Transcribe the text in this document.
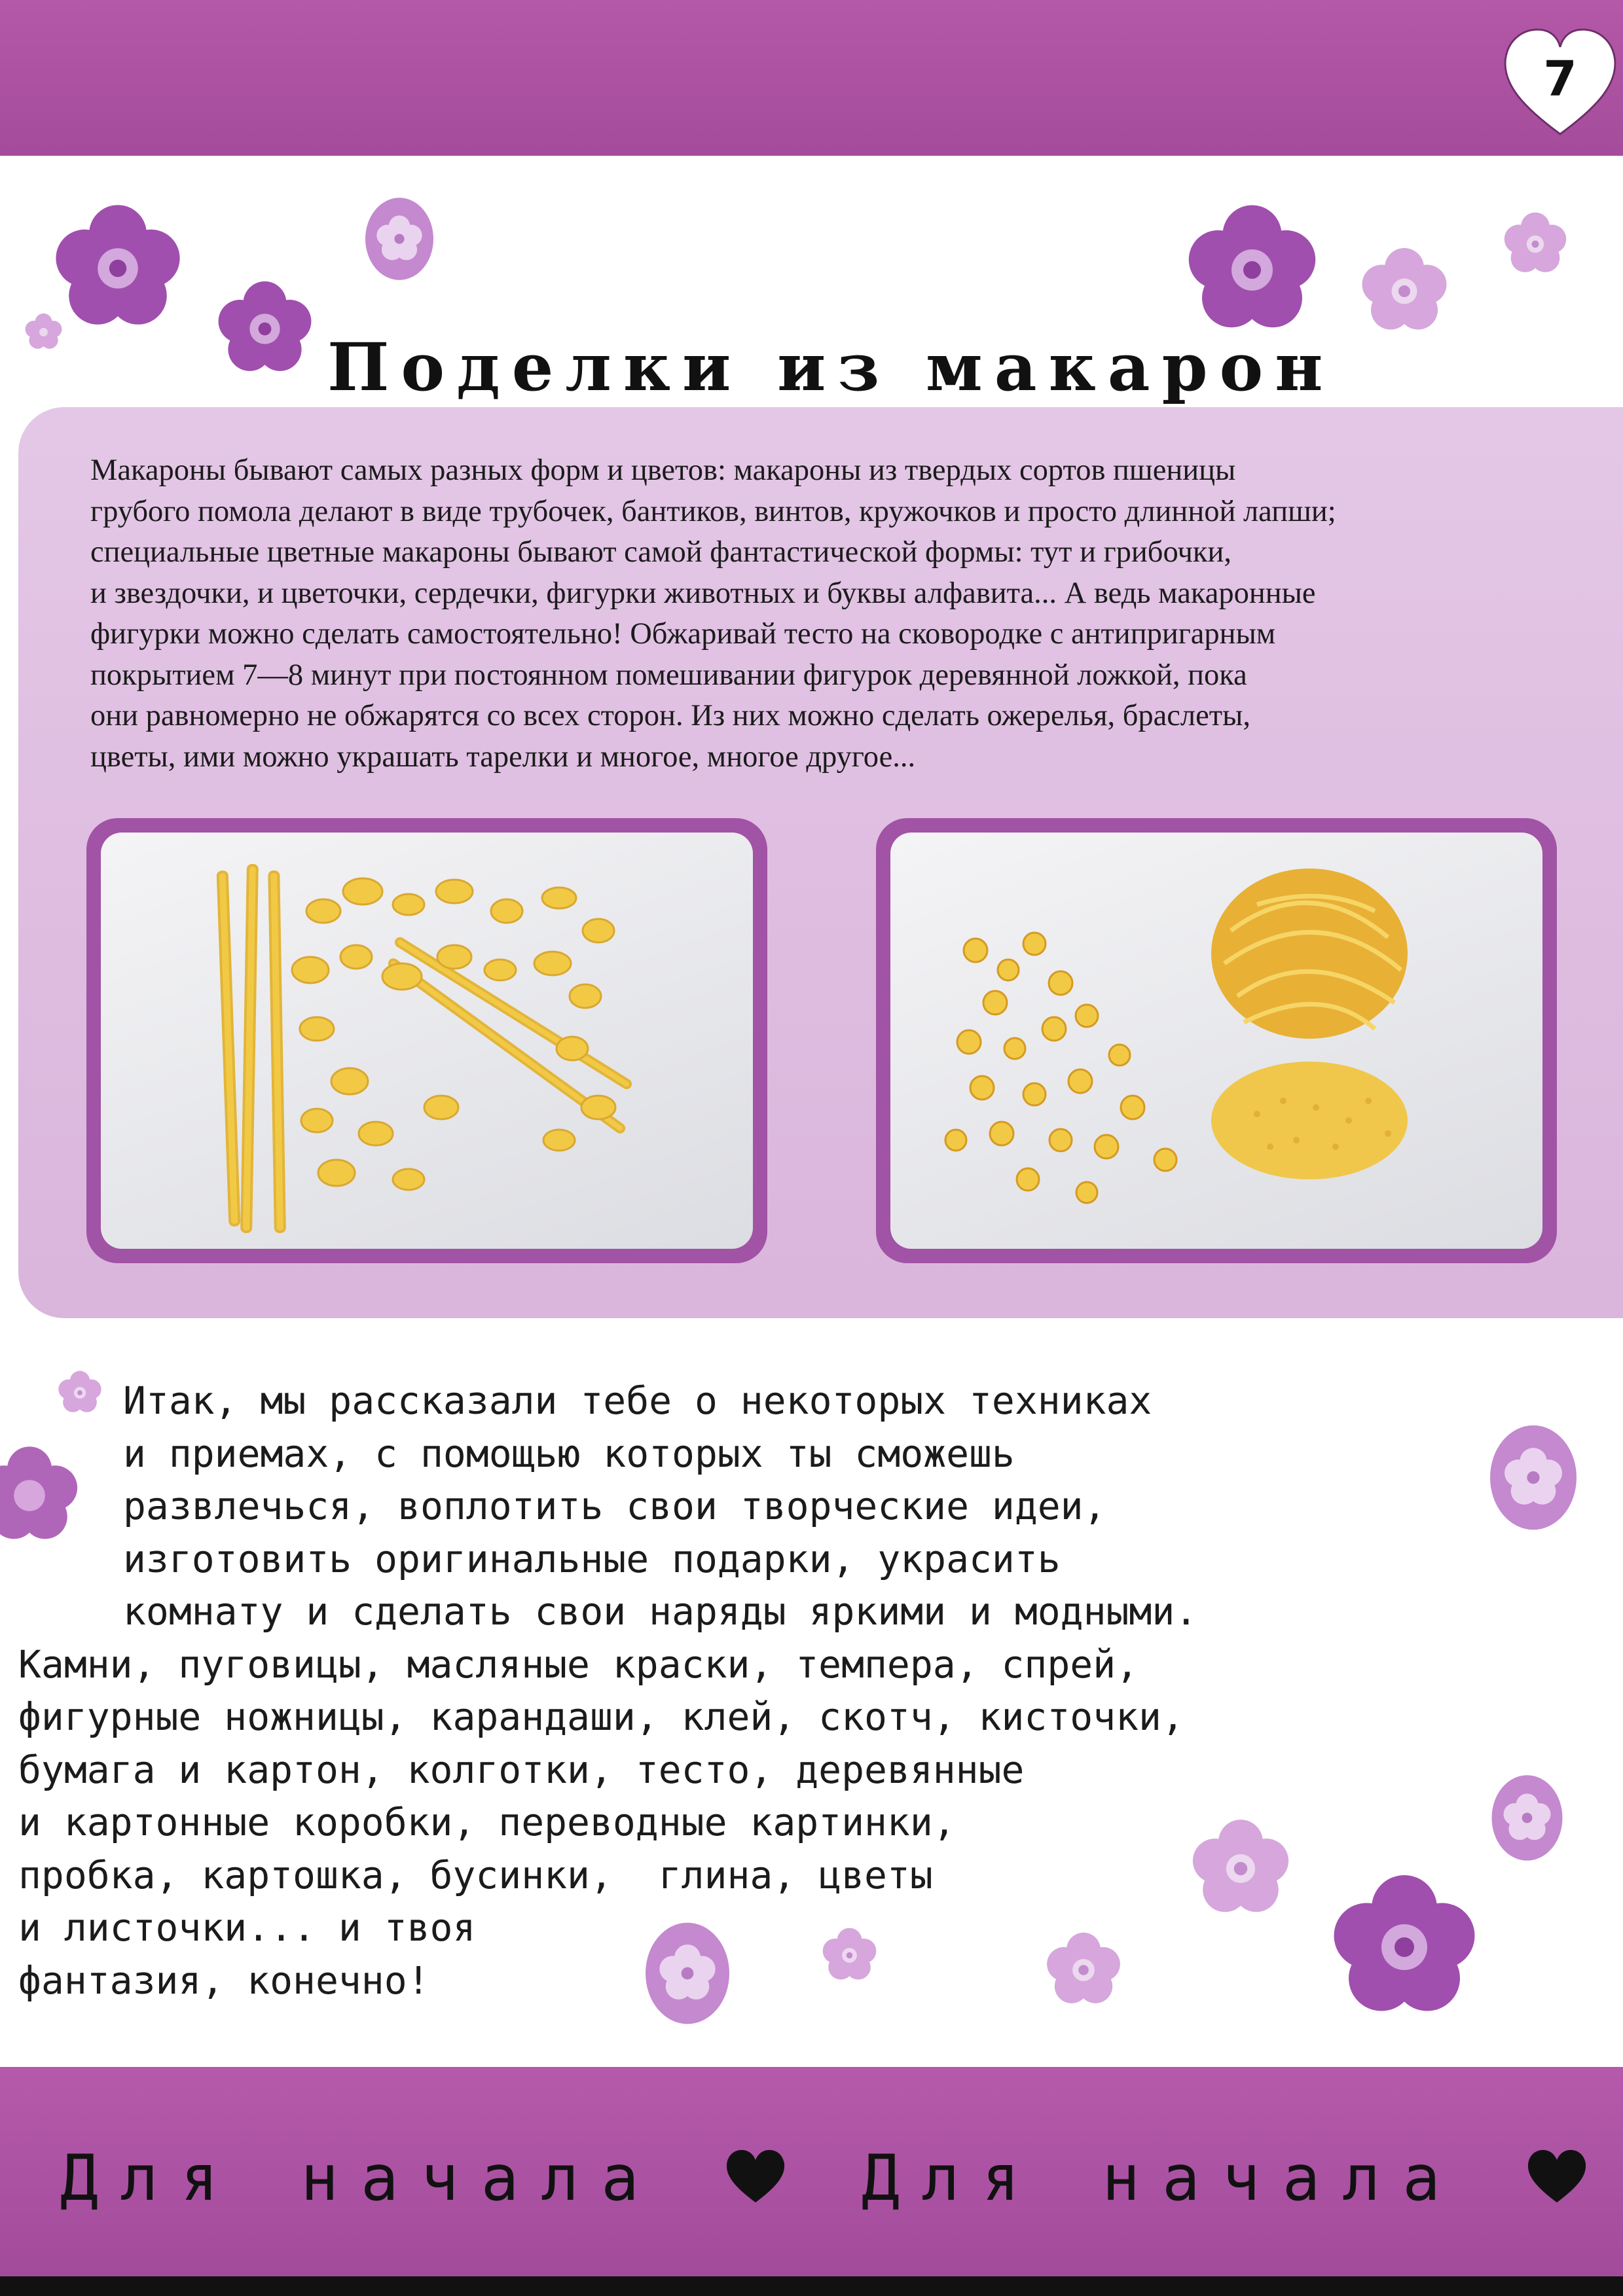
7
Поделки из макарон
Макароны бывают самых разных форм и цветов: макароны из твердых сортов пшеницы
грубого помола делают в виде трубочек, бантиков, винтов, кружочков и просто длинной лапши;
специальные цветные макароны бывают самой фантастической формы: тут и грибочки,
и звездочки, и цветочки, сердечки, фигурки животных и буквы алфавита... А ведь макаронные
фигурки можно сделать самостоятельно! Обжаривай тесто на сковородке с антипригарным
покрытием 7—8 минут при постоянном помешивании фигурок деревянной ложкой, пока
они равномерно не обжарятся со всех сторон. Из них можно сделать ожерелья, браслеты,
цветы, ими можно украшать тарелки и многое, многое другое...
Итак, мы рассказали тебе о некоторых техниках
и приемах, с помощью которых ты сможешь
развлечься, воплотить свои творческие идеи,
изготовить оригинальные подарки, украсить
комнату и сделать свои наряды яркими и модными.
Камни, пуговицы, масляные краски, темпера, спрей,
фигурные ножницы, карандаши, клей, скотч, кисточки,
бумага и картон, колготки, тесто, деревянные
и картонные коробки, переводные картинки,
пробка, картошка, бусинки,  глина, цветы
и листочки... и твоя
фантазия, конечно!
Для начала	Для начала
